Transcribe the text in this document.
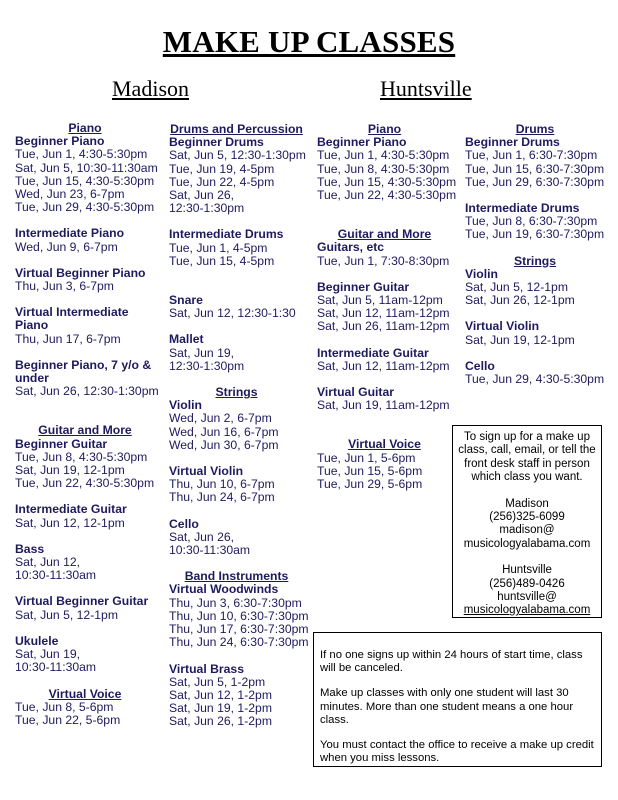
MAKE UP CLASSES
Madison	Huntsville
Piano
Beginner Piano
Tue, Jun 1, 4:30-5:30pm
Sat, Jun 5, 10:30-11:30am
Tue, Jun 15, 4:30-5:30pm
Wed, Jun 23, 6-7pm
Tue, Jun 29, 4:30-5:30pm
Intermediate Piano
Wed, Jun 9, 6-7pm
Virtual Beginner Piano
Thu, Jun 3, 6-7pm
Virtual Intermediate Piano
Thu, Jun 17, 6-7pm
Beginner Piano, 7 y/o & under
Sat, Jun 26, 12:30-1:30pm
Guitar and More
Beginner Guitar
Tue, Jun 8, 4:30-5:30pm
Sat, Jun 19, 12-1pm
Tue, Jun 22, 4:30-5:30pm
Intermediate Guitar
Sat, Jun 12, 12-1pm
Bass
Sat, Jun 12,
10:30-11:30am
Virtual Beginner Guitar
Sat, Jun 5, 12-1pm
Ukulele
Sat, Jun 19,
10:30-11:30am
Virtual Voice
Tue, Jun 8, 5-6pm
Tue, Jun 22, 5-6pm
Drums and Percussion
Beginner Drums
Sat, Jun 5, 12:30-1:30pm
Tue, Jun 19, 4-5pm
Tue, Jun 22, 4-5pm
Sat, Jun 26,
12:30-1:30pm
Intermediate Drums
Tue, Jun 1, 4-5pm
Tue, Jun 15, 4-5pm
Snare
Sat, Jun 12, 12:30-1:30
Mallet
Sat, Jun 19,
12:30-1:30pm
Strings
Violin
Wed, Jun 2, 6-7pm
Wed, Jun 16, 6-7pm
Wed, Jun 30, 6-7pm
Virtual Violin
Thu, Jun 10, 6-7pm
Thu, Jun 24, 6-7pm
Cello
Sat, Jun 26,
10:30-11:30am
Band Instruments
Virtual Woodwinds
Thu, Jun 3, 6:30-7:30pm
Thu, Jun 10, 6:30-7:30pm
Thu, Jun 17, 6:30-7:30pm
Thu, Jun 24, 6:30-7:30pm
Virtual Brass
Sat, Jun 5, 1-2pm
Sat, Jun 12, 1-2pm
Sat, Jun 19, 1-2pm
Sat, Jun 26, 1-2pm
Piano
Beginner Piano
Tue, Jun 1, 4:30-5:30pm
Tue, Jun 8, 4:30-5:30pm
Tue, Jun 15, 4:30-5:30pm
Tue, Jun 22, 4:30-5:30pm
Guitar and More
Guitars, etc
Tue, Jun 1, 7:30-8:30pm
Beginner Guitar
Sat, Jun 5, 11am-12pm
Sat, Jun 12, 11am-12pm
Sat, Jun 26, 11am-12pm
Intermediate Guitar
Sat, Jun 12, 11am-12pm
Virtual Guitar
Sat, Jun 19, 11am-12pm
Virtual Voice
Tue, Jun 1, 5-6pm
Tue, Jun 15, 5-6pm
Tue, Jun 29, 5-6pm
Drums
Beginner Drums
Tue, Jun 1, 6:30-7:30pm
Tue, Jun 15, 6:30-7:30pm
Tue, Jun 29, 6:30-7:30pm
Intermediate Drums
Tue, Jun 8, 6:30-7:30pm
Tue, Jun 19, 6:30-7:30pm
Strings
Violin
Sat, Jun 5, 12-1pm
Sat, Jun 26, 12-1pm
Virtual Violin
Sat, Jun 19, 12-1pm
Cello
Tue, Jun 29, 4:30-5:30pm
To sign up for a make up class, call, email, or tell the front desk staff in person which class you want.
Madison
(256)325-6099
madison@
musicologyalabama.com
Huntsville
(256)489-0426
huntsville@
musicologyalabama.com

If no one signs up within 24 hours of start time, class will be canceled.

Make up classes with only one student will last 30 minutes. More than one student means a one hour class.

You must contact the office to receive a make up credit when you miss lessons.
